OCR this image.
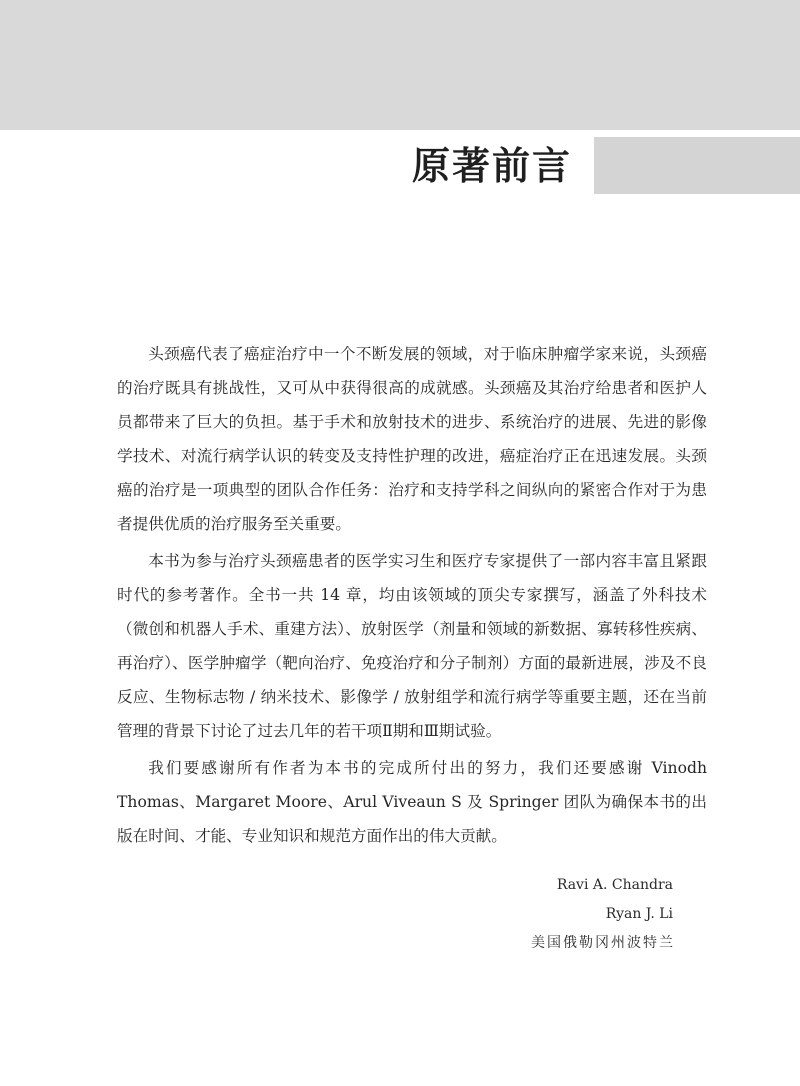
原著前言

头颈癌代表了癌症治疗中一个不断发展的领域，对于临床肿瘤学家来说，头颈癌的治疗既具有挑战性，又可从中获得很高的成就感。头颈癌及其治疗给患者和医护人员都带来了巨大的负担。基于手术和放射技术的进步、系统治疗的进展、先进的影像学技术、对流行病学认识的转变及支持性护理的改进，癌症治疗正在迅速发展。头颈癌的治疗是一项典型的团队合作任务：治疗和支持学科之间纵向的紧密合作对于为患者提供优质的治疗服务至关重要。

本书为参与治疗头颈癌患者的医学实习生和医疗专家提供了一部内容丰富且紧跟时代的参考著作。全书一共 14 章，均由该领域的顶尖专家撰写，涵盖了外科技术（微创和机器人手术、重建方法）、放射医学（剂量和领域的新数据、寡转移性疾病、再治疗）、医学肿瘤学（靶向治疗、免疫治疗和分子制剂）方面的最新进展，涉及不良反应、生物标志物 / 纳米技术、影像学 / 放射组学和流行病学等重要主题，还在当前管理的背景下讨论了过去几年的若干项Ⅱ期和Ⅲ期试验。

我们要感谢所有作者为本书的完成所付出的努力，我们还要感谢 Vinodh Thomas、Margaret Moore、Arul Viveaun S 及 Springer 团队为确保本书的出版在时间、才能、专业知识和规范方面作出的伟大贡献。

Ravi A. Chandra
Ryan J. Li
美国俄勒冈州波特兰
